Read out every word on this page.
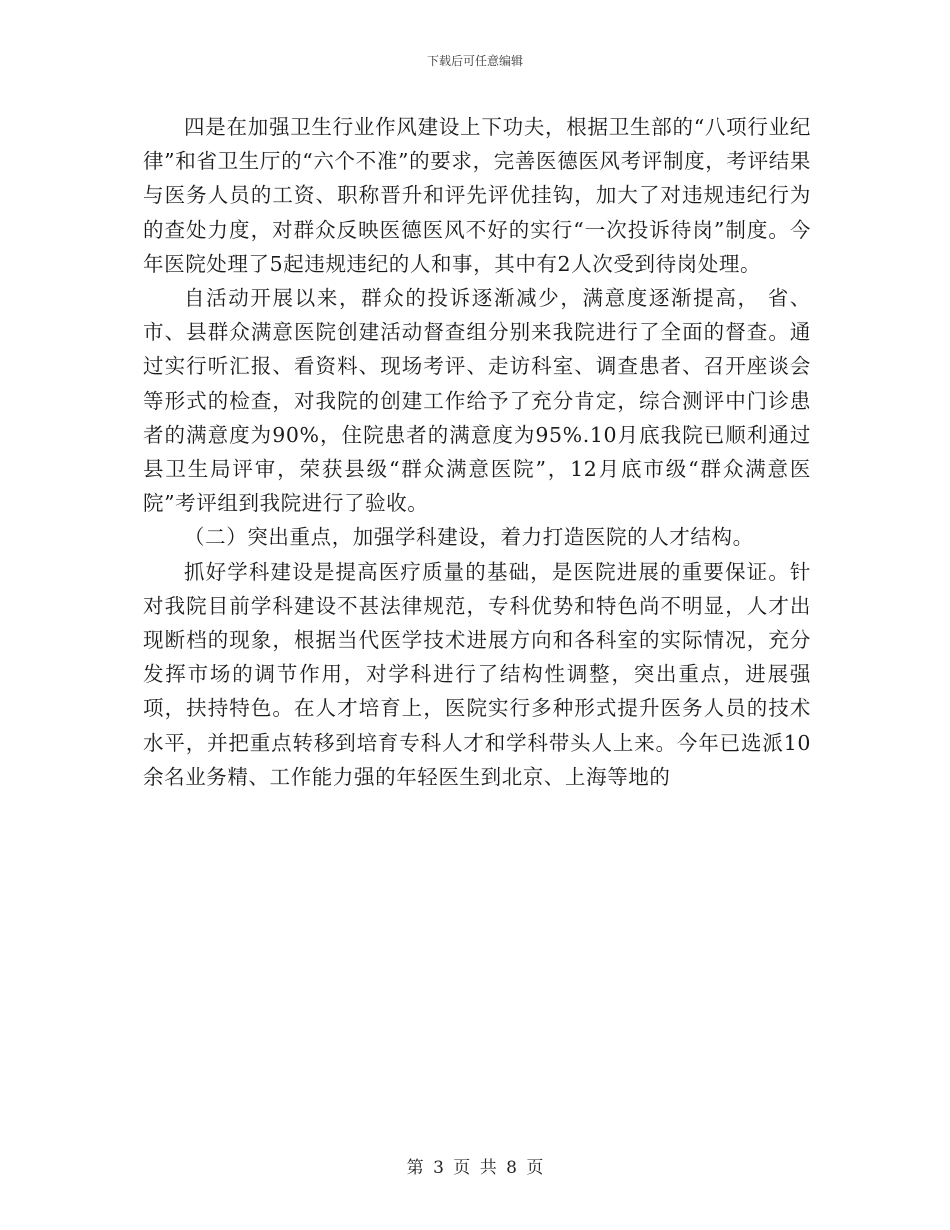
下载后可任意编辑

四是在加强卫生行业作风建设上下功夫，根据卫生部的“八项行业纪律”和省卫生厅的“六个不准”的要求，完善医德医风考评制度，考评结果与医务人员的工资、职称晋升和评先评优挂钩，加大了对违规违纪行为的查处力度，对群众反映医德医风不好的实行“一次投诉待岗”制度。今年医院处理了5起违规违纪的人和事，其中有2人次受到待岗处理。

自活动开展以来，群众的投诉逐渐减少，满意度逐渐提高， 省、市、县群众满意医院创建活动督查组分别来我院进行了全面的督查。通过实行听汇报、看资料、现场考评、走访科室、调查患者、召开座谈会等形式的检查，对我院的创建工作给予了充分肯定，综合测评中门诊患者的满意度为90%，住院患者的满意度为95%.10月底我院已顺利通过县卫生局评审，荣获县级“群众满意医院”，12月底市级“群众满意医院”考评组到我院进行了验收。

（二）突出重点，加强学科建设，着力打造医院的人才结构。

抓好学科建设是提高医疗质量的基础，是医院进展的重要保证。针对我院目前学科建设不甚法律规范，专科优势和特色尚不明显，人才出现断档的现象，根据当代医学技术进展方向和各科室的实际情况，充分发挥市场的调节作用，对学科进行了结构性调整，突出重点，进展强项，扶持特色。在人才培育上，医院实行多种形式提升医务人员的技术水平，并把重点转移到培育专科人才和学科带头人上来。今年已选派10余名业务精、工作能力强的年轻医生到北京、上海等地的

第 3 页 共 8 页
